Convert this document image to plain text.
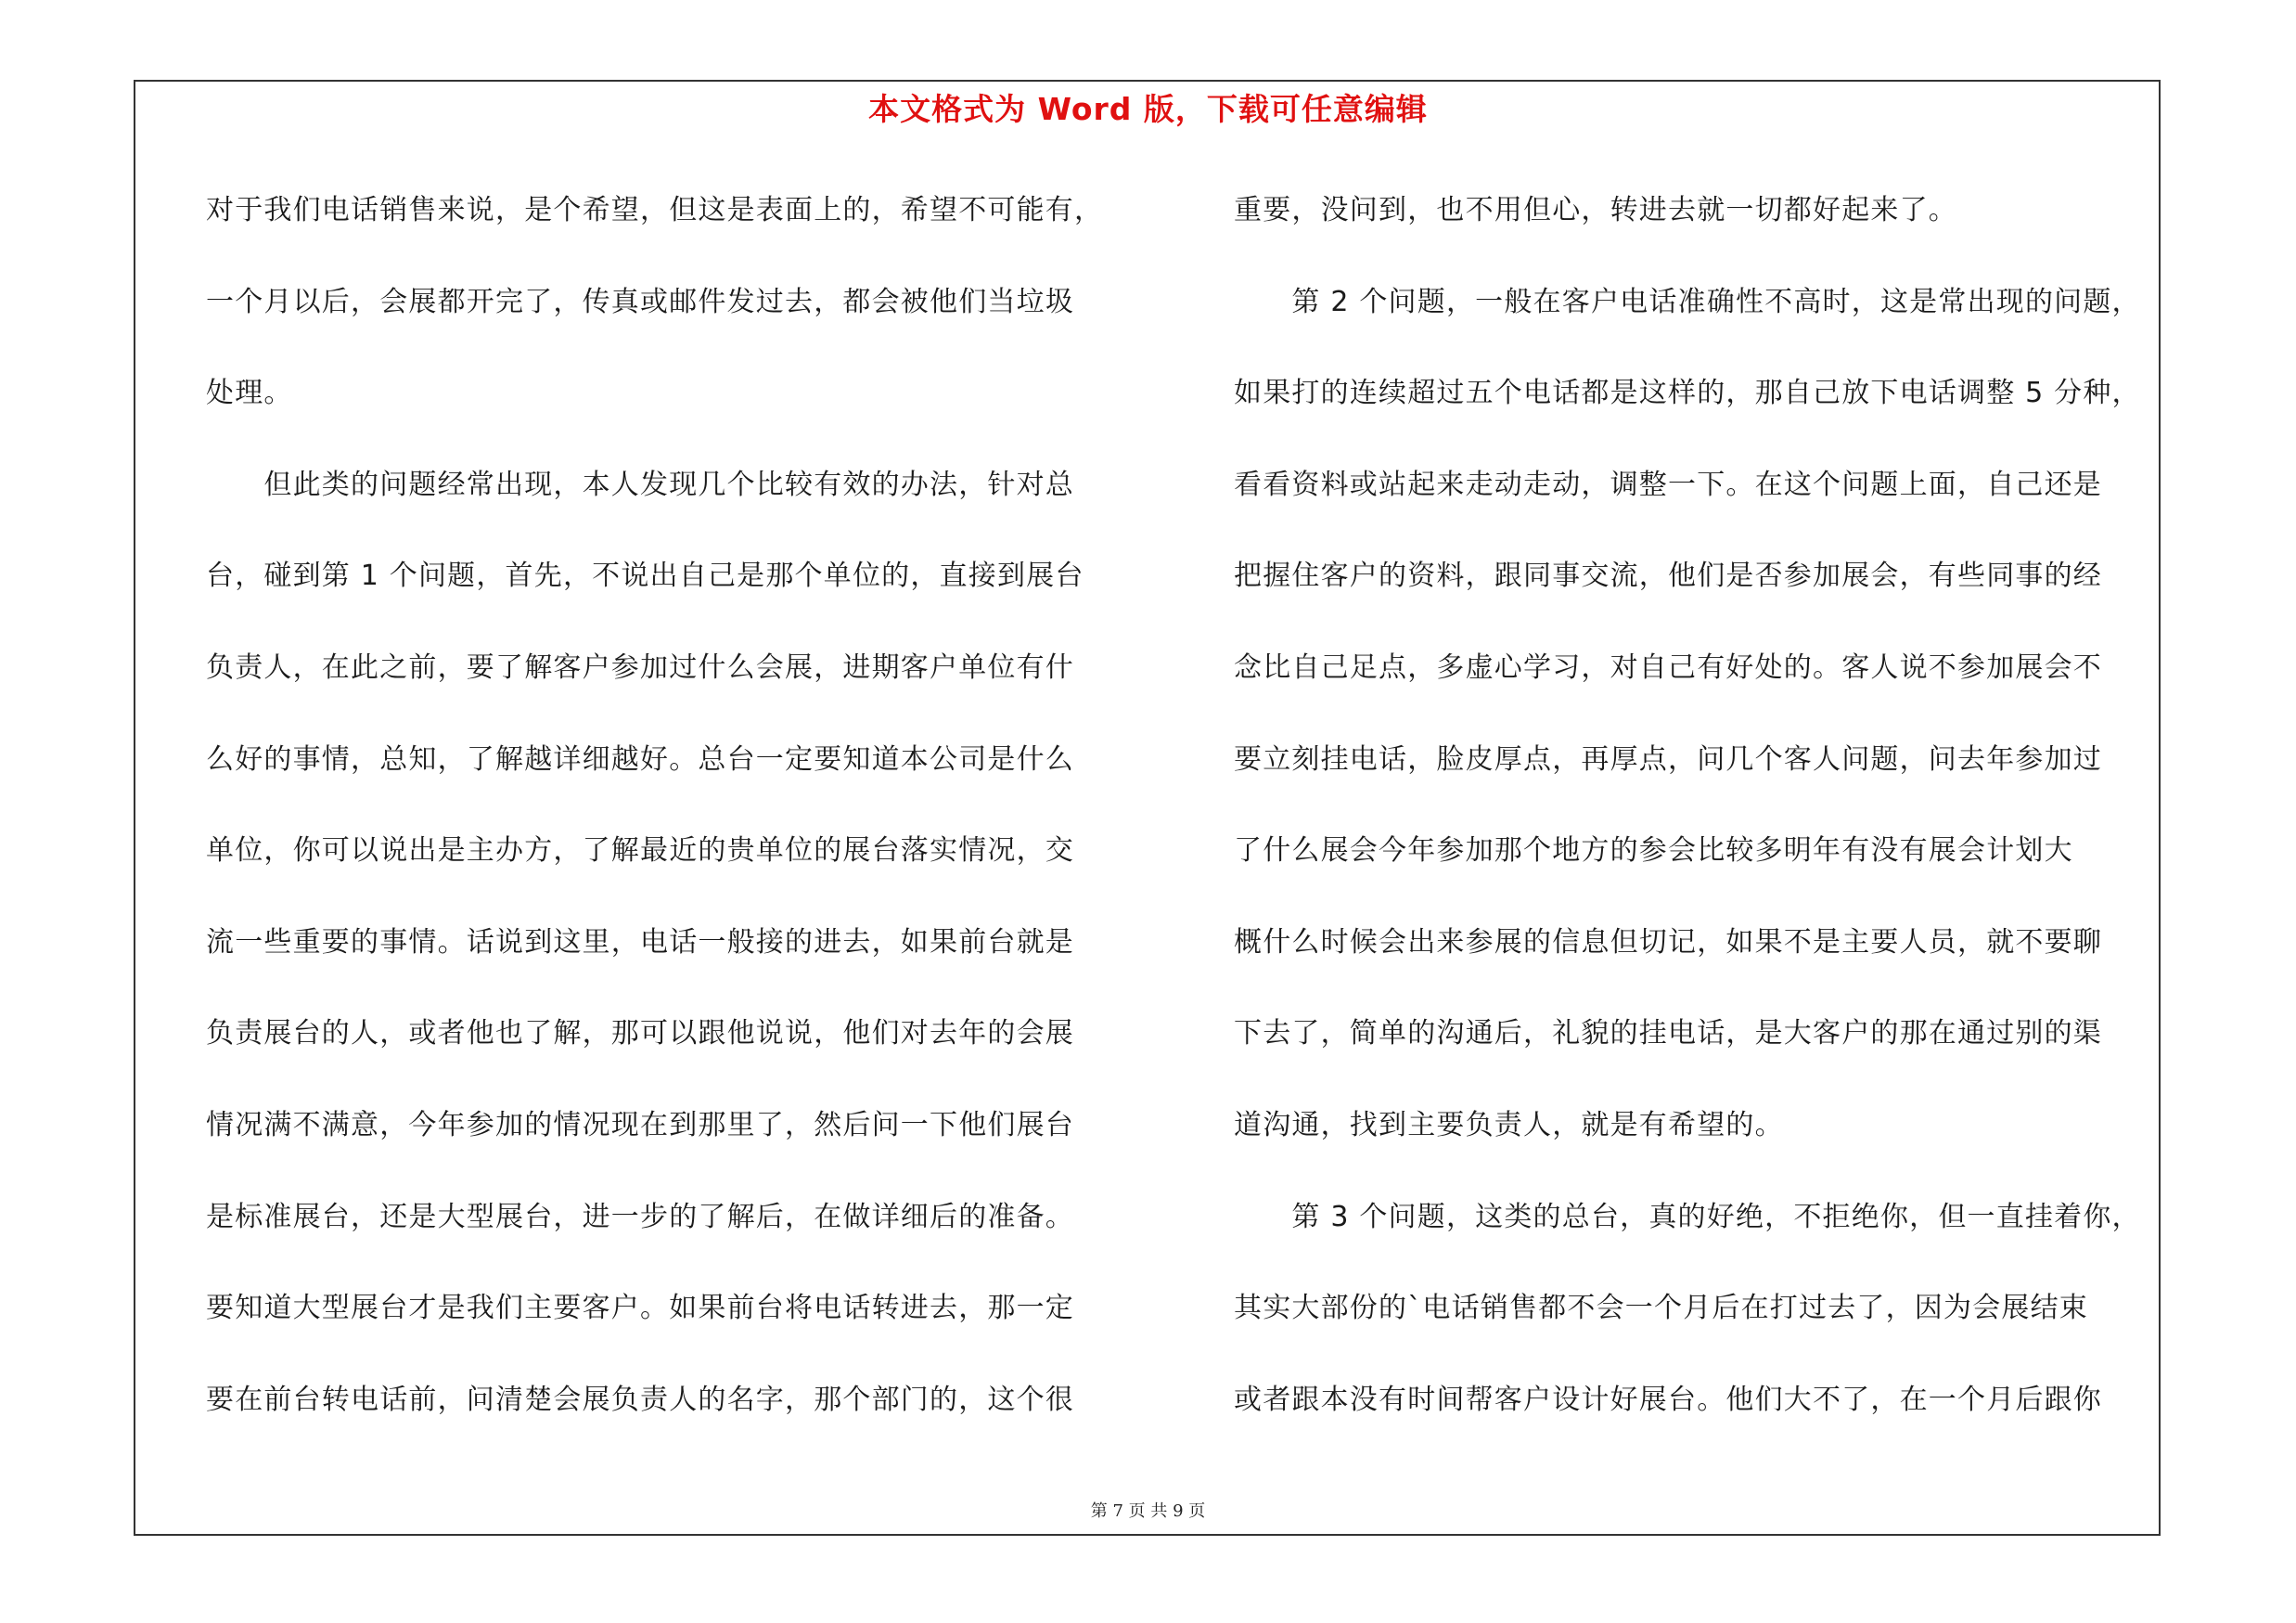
本文格式为 Word 版，下载可任意编辑
对于我们电话销售来说，是个希望，但这是表面上的，希望不可能有，
一个月以后，会展都开完了，传真或邮件发过去，都会被他们当垃圾
处理。
　　但此类的问题经常出现，本人发现几个比较有效的办法，针对总
台，碰到第 1 个问题，首先，不说出自己是那个单位的，直接到展台
负责人，在此之前，要了解客户参加过什么会展，进期客户单位有什
么好的事情，总知，了解越详细越好。总台一定要知道本公司是什么
单位，你可以说出是主办方，了解最近的贵单位的展台落实情况，交
流一些重要的事情。话说到这里，电话一般接的进去，如果前台就是
负责展台的人，或者他也了解，那可以跟他说说，他们对去年的会展
情况满不满意，今年参加的情况现在到那里了，然后问一下他们展台
是标准展台，还是大型展台，进一步的了解后，在做详细后的准备。
要知道大型展台才是我们主要客户。如果前台将电话转进去，那一定
要在前台转电话前，问清楚会展负责人的名字，那个部门的，这个很
重要，没问到，也不用但心，转进去就一切都好起来了。
　　第 2 个问题，一般在客户电话准确性不高时，这是常出现的问题，
如果打的连续超过五个电话都是这样的，那自己放下电话调整 5 分种，
看看资料或站起来走动走动，调整一下。在这个问题上面，自己还是
把握住客户的资料，跟同事交流，他们是否参加展会，有些同事的经
念比自己足点，多虚心学习，对自己有好处的。客人说不参加展会不
要立刻挂电话，脸皮厚点，再厚点，问几个客人问题，问去年参加过
了什么展会今年参加那个地方的参会比较多明年有没有展会计划大
概什么时候会出来参展的信息但切记，如果不是主要人员，就不要聊
下去了，简单的沟通后，礼貌的挂电话，是大客户的那在通过别的渠
道沟通，找到主要负责人，就是有希望的。
　　第 3 个问题，这类的总台，真的好绝，不拒绝你，但一直挂着你，
其实大部份的`电话销售都不会一个月后在打过去了，因为会展结束
或者跟本没有时间帮客户设计好展台。他们大不了，在一个月后跟你
第 7 页 共 9 页
